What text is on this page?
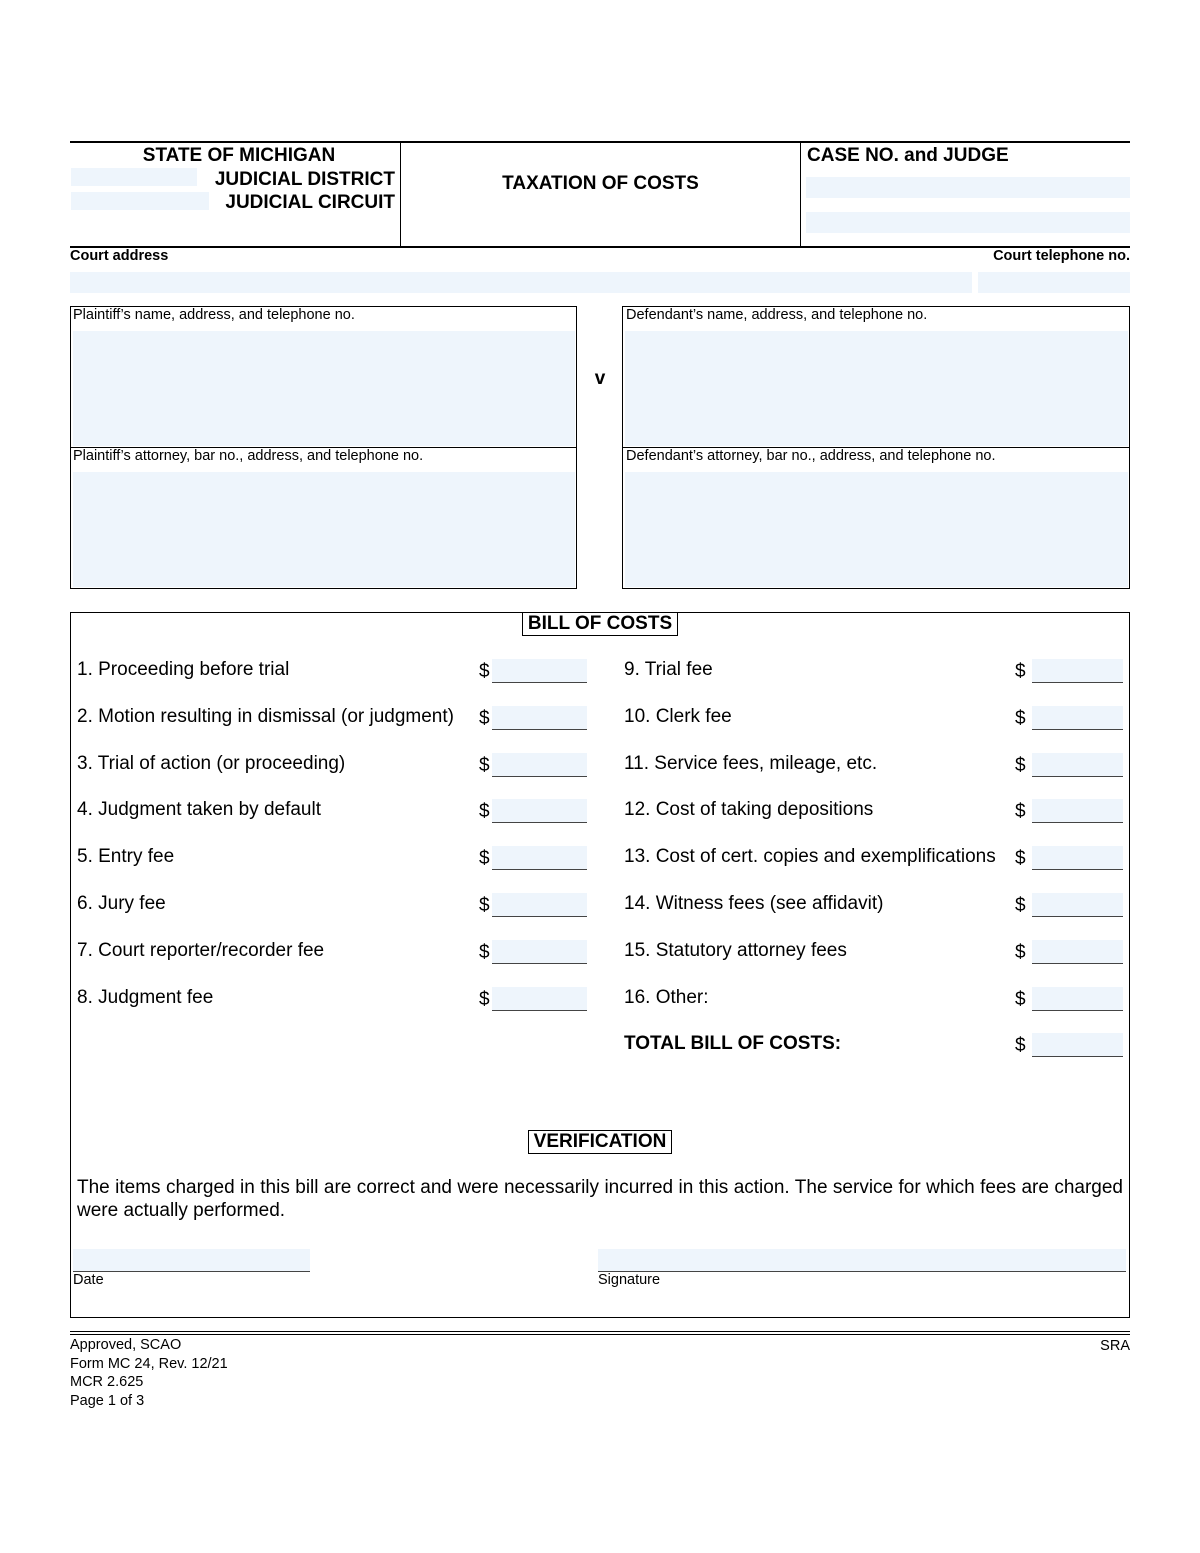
STATE OF MICHIGAN
JUDICIAL DISTRICT
JUDICIAL CIRCUIT
TAXATION OF COSTS
CASE NO. and JUDGE
Court address	Court telephone no.
Plaintiff’s name, address, and telephone no.
Plaintiff’s attorney, bar no., address, and telephone no.
v
Defendant’s name, address, and telephone no.
Defendant’s attorney, bar no., address, and telephone no.
BILL OF COSTS
1. Proceeding before trial	$
2. Motion resulting in dismissal (or judgment) $
3. Trial of action (or proceeding)	$
4. Judgment taken by default	$
5. Entry fee	$
6. Jury fee	$
7. Court reporter/recorder fee	$
8. Judgment fee	$
9. Trial fee	$
10. Clerk fee	$
11. Service fees, mileage, etc.	$
12. Cost of taking depositions	$
13. Cost of cert. copies and exemplifications $
14. Witness fees (see affidavit)	$
15. Statutory attorney fees	$
16. Other:	$
TOTAL BILL OF COSTS:	$
VERIFICATION
The items charged in this bill are correct and were necessarily incurred in this action. The service for which fees are charged were actually performed.
Date	Signature
Approved, SCAO
Form MC 24, Rev. 12/21
MCR 2.625
Page 1 of 3
SRA
